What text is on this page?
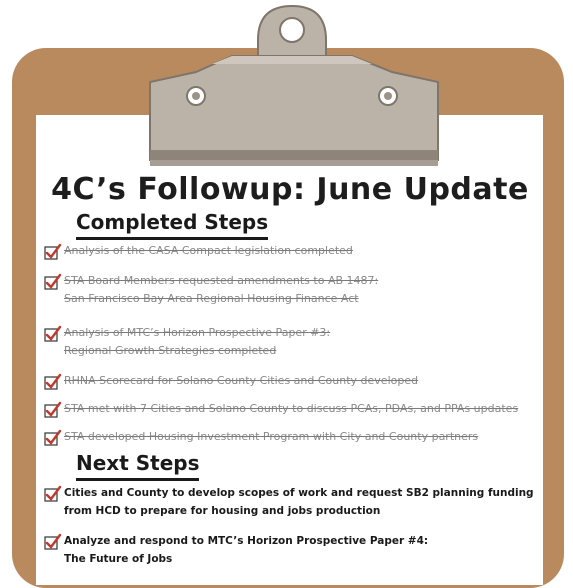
4C’s Followup: June Update
Completed Steps

Analysis of the CASA Compact legislation completed

STA Board Members requested amendments to AB 1487:
San Francisco Bay Area Regional Housing Finance Act

Analysis of MTC’s Horizon Prospective Paper #3:
Regional Growth Strategies completed

RHNA Scorecard for Solano County Cities and County developed

STA met with 7 Cities and Solano County to discuss PCAs, PDAs, and PPAs updates

STA developed Housing Investment Program with City and County partners

Next Steps

Cities and County to develop scopes of work and request SB2 planning funding
from HCD to prepare for housing and jobs production

Analyze and respond to MTC’s Horizon Prospective Paper #4:
The Future of Jobs
